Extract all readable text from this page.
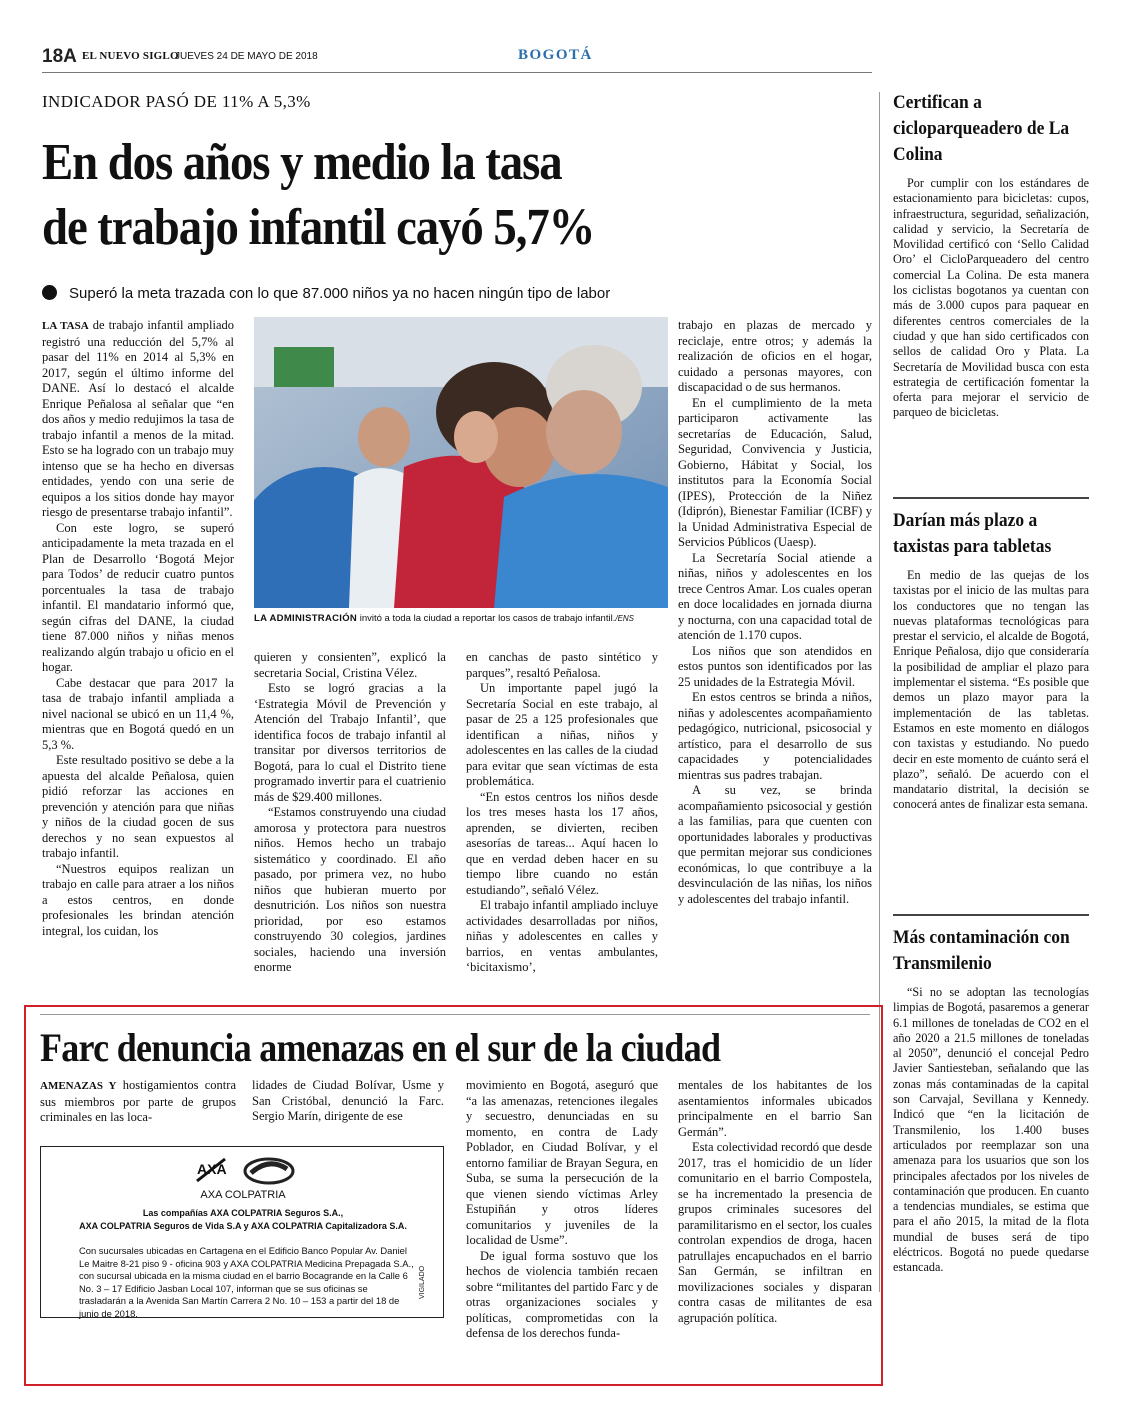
18A EL NUEVO SIGLO
JUEVES 24 DE MAYO DE 2018	BOGOTÁ
INDICADOR PASÓ DE 11% A 5,3%
En dos años y medio la tasa
de trabajo infantil cayó 5,7%
Superó la meta trazada con lo que 87.000 niños ya no hacen ningún tipo de labor

LA TASA de trabajo infantil ampliado registró una reducción del 5,7% al pasar del 11% en 2014 al 5,3% en 2017, según el último informe del DANE. Así lo destacó el alcalde Enrique Peñalosa al señalar que “en dos años y medio redujimos la tasa de trabajo infantil a menos de la mitad. Esto se ha logrado con un trabajo muy intenso que se ha hecho en diversas entidades, yendo con una serie de equipos a los sitios donde hay mayor riesgo de presentarse trabajo infantil”.

Con este logro, se superó anticipadamente la meta trazada en el Plan de Desarrollo ‘Bogotá Mejor para Todos’ de reducir cuatro puntos porcentuales la tasa de trabajo infantil. El mandatario informó que, según cifras del DANE, la ciudad tiene 87.000 niños y niñas menos realizando algún trabajo u oficio en el hogar.

Cabe destacar que para 2017 la tasa de trabajo infantil ampliada a nivel nacional se ubicó en un 11,4 %, mientras que en Bogotá quedó en un 5,3 %.

Este resultado positivo se debe a la apuesta del alcalde Peñalosa, quien pidió reforzar las acciones en prevención y atención para que niñas y niños de la ciudad gocen de sus derechos y no sean expuestos al trabajo infantil.

“Nuestros equipos realizan un trabajo en calle para atraer a los niños a estos centros, en donde profesionales les brindan atención integral, los cuidan, los

LA ADMINISTRACIÓN invitó a toda la ciudad a reportar los casos de trabajo infantil./ENS

quieren y consienten”, explicó la secretaria Social, Cristina Vélez.

Esto se logró gracias a la ‘Estrategia Móvil de Prevención y Atención del Trabajo Infantil’, que identifica focos de trabajo infantil al transitar por diversos territorios de Bogotá, para lo cual el Distrito tiene programado invertir para el cuatrienio más de $29.400 millones.

“Estamos construyendo una ciudad amorosa y protectora para nuestros niños. Hemos hecho un trabajo sistemático y coordinado. El año pasado, por primera vez, no hubo niños que hubieran muerto por desnutrición. Los niños son nuestra prioridad, por eso estamos construyendo 30 colegios, jardines sociales, haciendo una inversión enorme

en canchas de pasto sintético y parques”, resaltó Peñalosa.

Un importante papel jugó la Secretaría Social en este trabajo, al pasar de 25 a 125 profesionales que identifican a niñas, niños y adolescentes en las calles de la ciudad para evitar que sean víctimas de esta problemática.

“En estos centros los niños desde los tres meses hasta los 17 años, aprenden, se divierten, reciben asesorías de tareas... Aquí hacen lo que en verdad deben hacer en su tiempo libre cuando no están estudiando”, señaló Vélez.

El trabajo infantil ampliado incluye actividades desarrolladas por niños, niñas y adolescentes en calles y barrios, en ventas ambulantes, ‘bicitaxismo’,

trabajo en plazas de mercado y reciclaje, entre otros; y además la realización de oficios en el hogar, cuidado a personas mayores, con discapacidad o de sus hermanos.

En el cumplimiento de la meta participaron activamente las secretarías de Educación, Salud, Seguridad, Convivencia y Justicia, Gobierno, Hábitat y Social, los institutos para la Economía Social (IPES), Protección de la Niñez (Idiprón), Bienestar Familiar (ICBF) y la Unidad Administrativa Especial de Servicios Públicos (Uaesp).

La Secretaría Social atiende a niñas, niños y adolescentes en los trece Centros Amar. Los cuales operan en doce localidades en jornada diurna y nocturna, con una capacidad total de atención de 1.170 cupos.

Los niños que son atendidos en estos puntos son identificados por las 25 unidades de la Estrategia Móvil.

En estos centros se brinda a niños, niñas y adolescentes acompañamiento pedagógico, nutricional, psicosocial y artístico, para el desarrollo de sus capacidades y potencialidades mientras sus padres trabajan.

A su vez, se brinda acompañamiento psicosocial y gestión a las familias, para que cuenten con oportunidades laborales y productivas que permitan mejorar sus condiciones económicas, lo que contribuye a la desvinculación de las niñas, los niños y adolescentes del trabajo infantil.

Certifican a cicloparqueadero de La Colina

Por cumplir con los estándares de estacionamiento para bicicletas: cupos, infraestructura, seguridad, señalización, calidad y servicio, la Secretaría de Movilidad certificó con ‘Sello Calidad Oro’ el CicloParqueadero del centro comercial La Colina. De esta manera los ciclistas bogotanos ya cuentan con más de 3.000 cupos para paquear en diferentes centros comerciales de la ciudad y que han sido certificados con sellos de calidad Oro y Plata. La Secretaría de Movilidad busca con esta estrategia de certificación fomentar la oferta para mejorar el servicio de parqueo de bicicletas.

Darían más plazo a taxistas para tabletas

En medio de las quejas de los taxistas por el inicio de las multas para los conductores que no tengan las nuevas plataformas tecnológicas para prestar el servicio, el alcalde de Bogotá, Enrique Peñalosa, dijo que consideraría la posibilidad de ampliar el plazo para implementar el sistema. “Es posible que demos un plazo mayor para la implementación de las tabletas. Estamos en este momento en diálogos con taxistas y estudiando. No puedo decir en este momento de cuánto será el plazo”, señaló. De acuerdo con el mandatario distrital, la decisión se conocerá antes de finalizar esta semana.

Más contaminación con Transmilenio

“Si no se adoptan las tecnologías limpias de Bogotá, pasaremos a generar 6.1 millones de toneladas de CO2 en el año 2020 a 21.5 millones de toneladas al 2050”, denunció el concejal Pedro Javier Santiesteban, señalando que las zonas más contaminadas de la capital son Carvajal, Sevillana y Kennedy. Indicó que “en la licitación de Transmilenio, los 1.400 buses articulados por reemplazar son una amenaza para los usuarios que son los principales afectados por los niveles de contaminación que producen. En cuanto a tendencias mundiales, se estima que para el año 2015, la mitad de la flota mundial de buses será de tipo eléctricos. Bogotá no puede quedarse estancada.

Farc denuncia amenazas en el sur de la ciudad

AMENAZAS Y hostigamientos contra sus miembros por parte de grupos criminales en las loca-

lidades de Ciudad Bolívar, Usme y San Cristóbal, denunció la Farc. Sergio Marín, dirigente de ese

movimiento en Bogotá, aseguró que “a las amenazas, retenciones ilegales y secuestro, denunciadas en su momento, en contra de Lady Poblador, en Ciudad Bolívar, y el entorno familiar de Brayan Segura, en Suba, se suma la persecución de la que vienen siendo víctimas Arley Estupiñán y otros líderes comunitarios y juveniles de la localidad de Usme”.

De igual forma sostuvo que los hechos de violencia también recaen sobre “militantes del partido Farc y de otras organizaciones sociales y políticas, comprometidas con la defensa de los derechos funda-

mentales de los habitantes de los asentamientos informales ubicados principalmente en el barrio San Germán”.

Esta colectividad recordó que desde 2017, tras el homicidio de un líder comunitario en el barrio Compostela, se ha incrementado la presencia de grupos criminales sucesores del paramilitarismo en el sector, los cuales controlan expendios de droga, hacen patrullajes encapuchados en el barrio San Germán, se infiltran en movilizaciones sociales y disparan contra casas de militantes de esa agrupación política.

AXA
AXA COLPATRIA
Las compañías AXA COLPATRIA Seguros S.A.,
AXA COLPATRIA Seguros de Vida S.A y AXA COLPATRIA Capitalizadora S.A.
Con sucursales ubicadas en Cartagena en el Edificio Banco Popular Av. Daniel Le Maitre 8-21 piso 9 - oficina 903 y AXA COLPATRIA Medicina Prepagada S.A., con sucursal ubicada en la misma ciudad en el barrio Bocagrande en la Calle 6 No. 3 – 17 Edificio Jasban Local 107, informan que se sus oficinas se trasladarán a la Avenida San Martín Carrera 2 No. 10 – 153 a partir del 18 de junio de 2018.
VIGILADO
